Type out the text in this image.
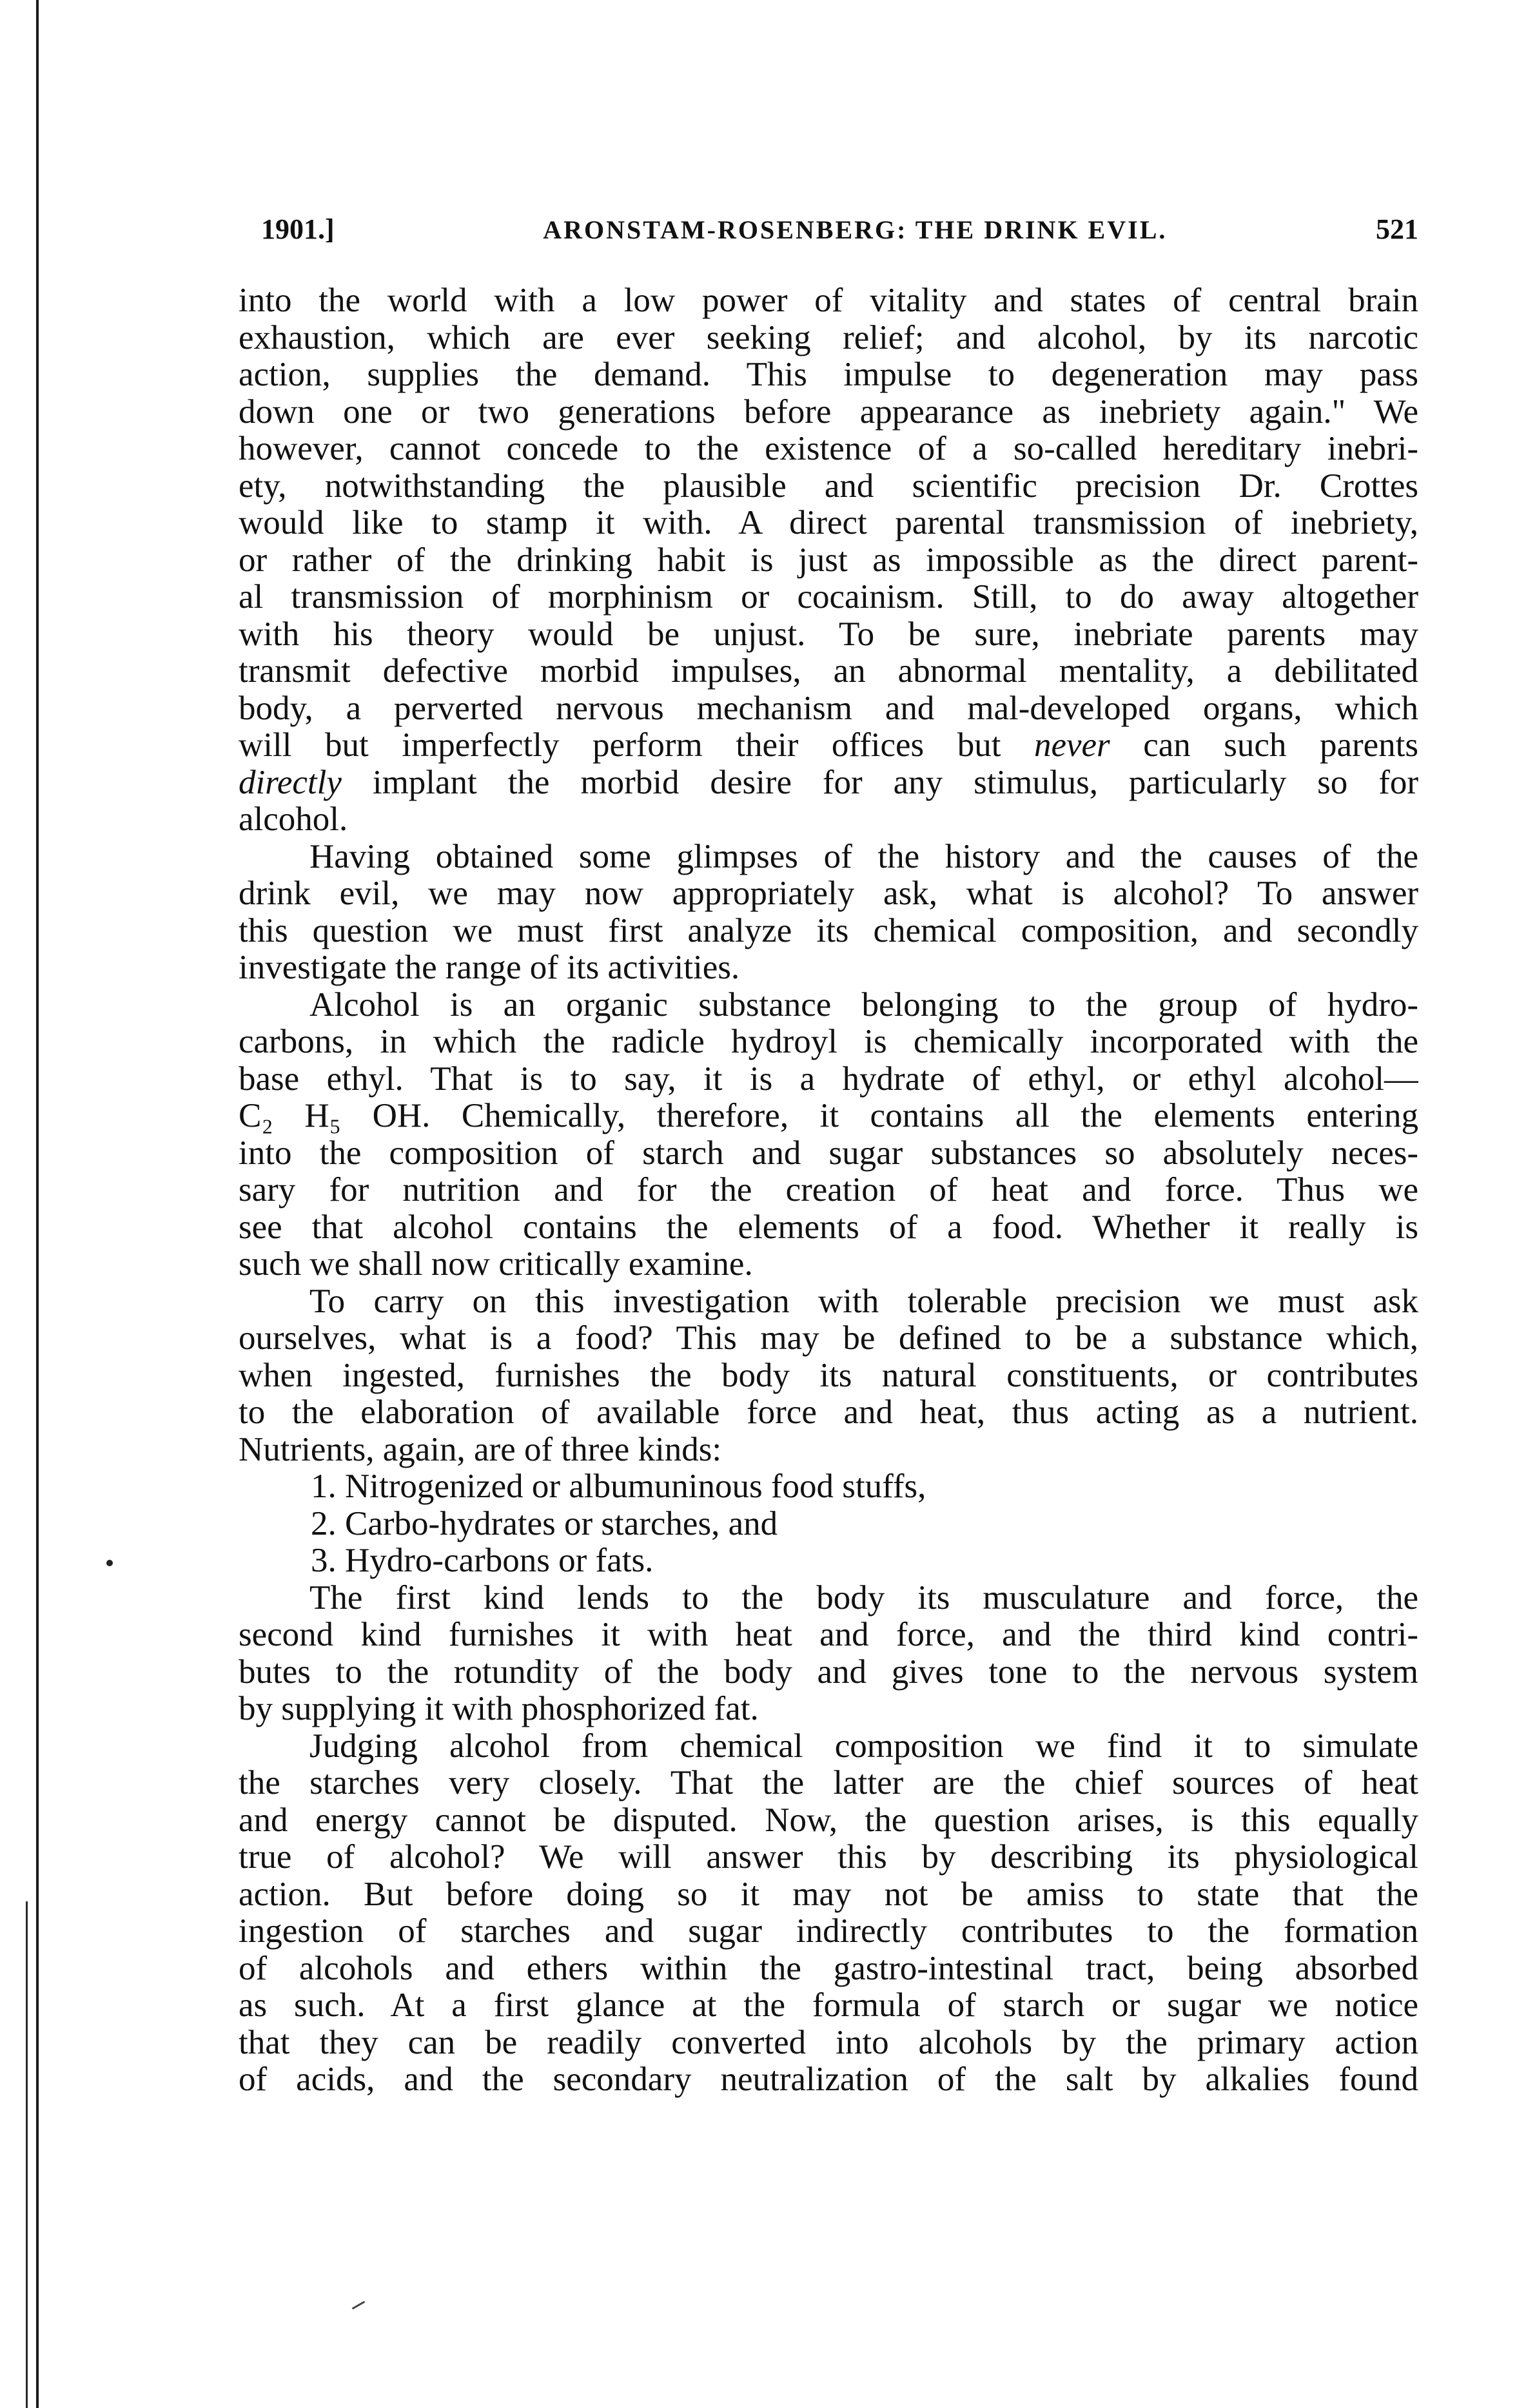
1901.]	ARONSTAM-ROSENBERG: THE DRINK EVIL.	521
into the world with a low power of vitality and states of central brain
exhaustion, which are ever seeking relief; and alcohol, by its narcotic
action, supplies the demand. This impulse to degeneration may pass
down one or two generations before appearance as inebriety again." We
however, cannot concede to the existence of a so-called hereditary inebri-
ety, notwithstanding the plausible and scientific precision Dr. Crottes
would like to stamp it with. A direct parental transmission of inebriety,
or rather of the drinking habit is just as impossible as the direct parent-
al transmission of morphinism or cocainism. Still, to do away altogether
with his theory would be unjust. To be sure, inebriate parents may
transmit defective morbid impulses, an abnormal mentality, a debilitated
body, a perverted nervous mechanism and mal-developed organs, which
will but imperfectly perform their offices but never can such parents
directly implant the morbid desire for any stimulus, particularly so for
alcohol.
Having obtained some glimpses of the history and the causes of the
drink evil, we may now appropriately ask, what is alcohol? To answer
this question we must first analyze its chemical composition, and secondly
investigate the range of its activities.
Alcohol is an organic substance belonging to the group of hydro-
carbons, in which the radicle hydroyl is chemically incorporated with the
base ethyl. That is to say, it is a hydrate of ethyl, or ethyl alcohol—
C₂ H₅ OH. Chemically, therefore, it contains all the elements entering
into the composition of starch and sugar substances so absolutely neces-
sary for nutrition and for the creation of heat and force. Thus we
see that alcohol contains the elements of a food. Whether it really is
such we shall now critically examine.
To carry on this investigation with tolerable precision we must ask
ourselves, what is a food? This may be defined to be a substance which,
when ingested, furnishes the body its natural constituents, or contributes
to the elaboration of available force and heat, thus acting as a nutrient.
Nutrients, again, are of three kinds:
1. Nitrogenized or albumuninous food stuffs,
2. Carbo-hydrates or starches, and
3. Hydro-carbons or fats.
The first kind lends to the body its musculature and force, the
second kind furnishes it with heat and force, and the third kind contri-
butes to the rotundity of the body and gives tone to the nervous system
by supplying it with phosphorized fat.
Judging alcohol from chemical composition we find it to simulate
the starches very closely. That the latter are the chief sources of heat
and energy cannot be disputed. Now, the question arises, is this equally
true of alcohol? We will answer this by describing its physiological
action. But before doing so it may not be amiss to state that the
ingestion of starches and sugar indirectly contributes to the formation
of alcohols and ethers within the gastro-intestinal tract, being absorbed
as such. At a first glance at the formula of starch or sugar we notice
that they can be readily converted into alcohols by the primary action
of acids, and the secondary neutralization of the salt by alkalies found
